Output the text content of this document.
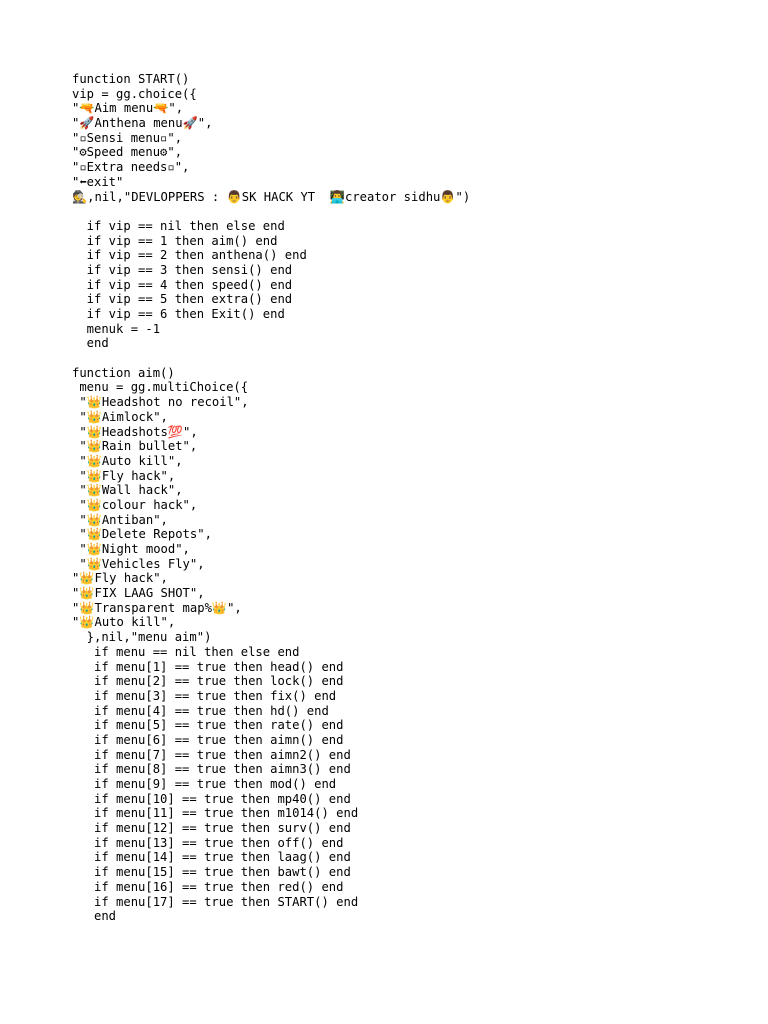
function START()
vip = gg.choice({
"🔫Aim menu🔫",
"🚀Anthena menu🚀",
"▫Sensi menu▫",
"⚙Speed menu⚙",
"▫Extra needs▫",
"⬅exit"
🕵,nil,"DEVLOPPERS : 👨SK HACK YT  👨‍💻creator sidhu👨")
if vip == nil then else end
if vip == 1 then aim() end
if vip == 2 then anthena() end
if vip == 3 then sensi() end
if vip == 4 then speed() end
if vip == 5 then extra() end
if vip == 6 then Exit() end
menuk = -1
end
function aim()
menu = gg.multiChoice({
"👑Headshot no recoil",
"👑Aimlock",
"👑Headshots💯",
"👑Rain bullet",
"👑Auto kill",
"👑Fly hack",
"👑Wall hack",
"👑colour hack",
"👑Antiban",
"👑Delete Repots",
"👑Night mood",
"👑Vehicles Fly",
"👑Fly hack",
"👑FIX LAAG SHOT",
"👑Transparent map%👑",
"👑Auto kill",
},nil,"menu aim")
if menu == nil then else end
if menu[1] == true then head() end
if menu[2] == true then lock() end
if menu[3] == true then fix() end
if menu[4] == true then hd() end
if menu[5] == true then rate() end
if menu[6] == true then aimn() end
if menu[7] == true then aimn2() end
if menu[8] == true then aimn3() end
if menu[9] == true then mod() end
if menu[10] == true then mp40() end
if menu[11] == true then m1014() end
if menu[12] == true then surv() end
if menu[13] == true then off() end
if menu[14] == true then laag() end
if menu[15] == true then bawt() end
if menu[16] == true then red() end
if menu[17] == true then START() end
end
